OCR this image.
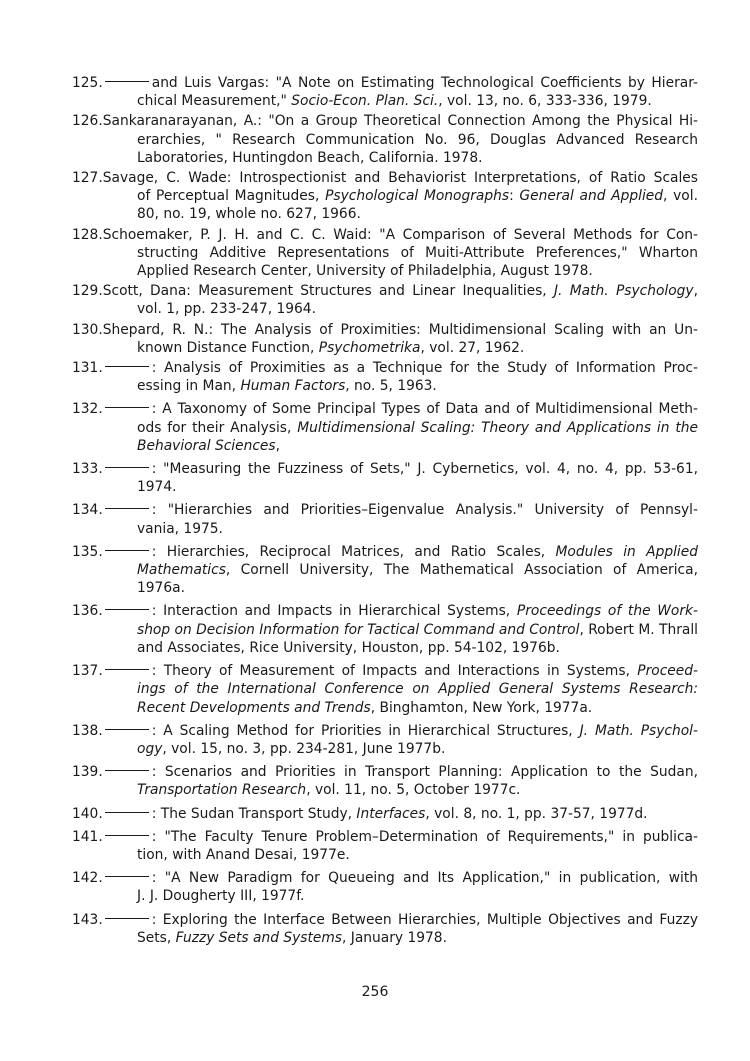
125.	and Luis Vargas: "A Note on Estimating Technological Coefficients by Hierar-
chical Measurement," Socio-Econ. Plan. Sci., vol. 13, no. 6, 333-336, 1979.
126.Sankaranarayanan, A.: "On a Group Theoretical Connection Among the Physical Hi-
erarchies, " Research Communication No. 96, Douglas Advanced Research Laboratories, Huntingdon Beach, California. 1978.
127.Savage, C. Wade: Introspectionist and Behaviorist Interpretations, of Ratio Scales
of Perceptual Magnitudes, Psychological Monographs: General and Applied, vol. 80, no. 19, whole no. 627, 1966.
128.Schoemaker, P. J. H. and C. C. Waid: "A Comparison of Several Methods for Con-
structing Additive Representations of Muiti-Attribute Preferences," Wharton Applied Research Center, University of Philadelphia, August 1978.
129.Scott, Dana: Measurement Structures and Linear Inequalities, J. Math. Psychology,
vol. 1, pp. 233-247, 1964.
130.Shepard, R. N.: The Analysis of Proximities: Multidimensional Scaling with an Un-
known Distance Function, Psychometrika, vol. 27, 1962.
131.	: Analysis of Proximities as a Technique for the Study of Information Proc-
essing in Man, Human Factors, no. 5, 1963.
132.	: A Taxonomy of Some Principal Types of Data and of Multidimensional Meth-
ods for their Analysis, Multidimensional Scaling: Theory and Applications in the Behavioral Sciences,
133.	: "Measuring the Fuzziness of Sets," J. Cybernetics, vol. 4, no. 4, pp. 53-61,
1974.
134.	: "Hierarchies and Priorities–Eigenvalue Analysis." University of Pennsyl-
vania, 1975.
135.	: Hierarchies, Reciprocal Matrices, and Ratio Scales, Modules in Applied
Mathematics, Cornell University, The Mathematical Association of America, 1976a.
136.	: Interaction and Impacts in Hierarchical Systems, Proceedings of the Work-
shop on Decision Information for Tactical Command and Control, Robert M. Thrall and Associates, Rice University, Houston, pp. 54-102, 1976b.
137.	: Theory of Measurement of Impacts and Interactions in Systems, Proceed-
ings of the International Conference on Applied General Systems Research: Recent Developments and Trends, Binghamton, New York, 1977a.
138.	: A Scaling Method for Priorities in Hierarchical Structures, J. Math. Psychol-
ogy, vol. 15, no. 3, pp. 234-281, June 1977b.
139.	: Scenarios and Priorities in Transport Planning: Application to the Sudan,
Transportation Research, vol. 11, no. 5, October 1977c.
140.	: The Sudan Transport Study, Interfaces, vol. 8, no. 1, pp. 37-57, 1977d.
141.	: "The Faculty Tenure Problem–Determination of Requirements," in publica-
tion, with Anand Desai, 1977e.
142.	: "A New Paradigm for Queueing and Its Application," in publication, with
J. J. Dougherty III, 1977f.
143.	: Exploring the Interface Between Hierarchies, Multiple Objectives and Fuzzy
Sets, Fuzzy Sets and Systems, January 1978.
256
